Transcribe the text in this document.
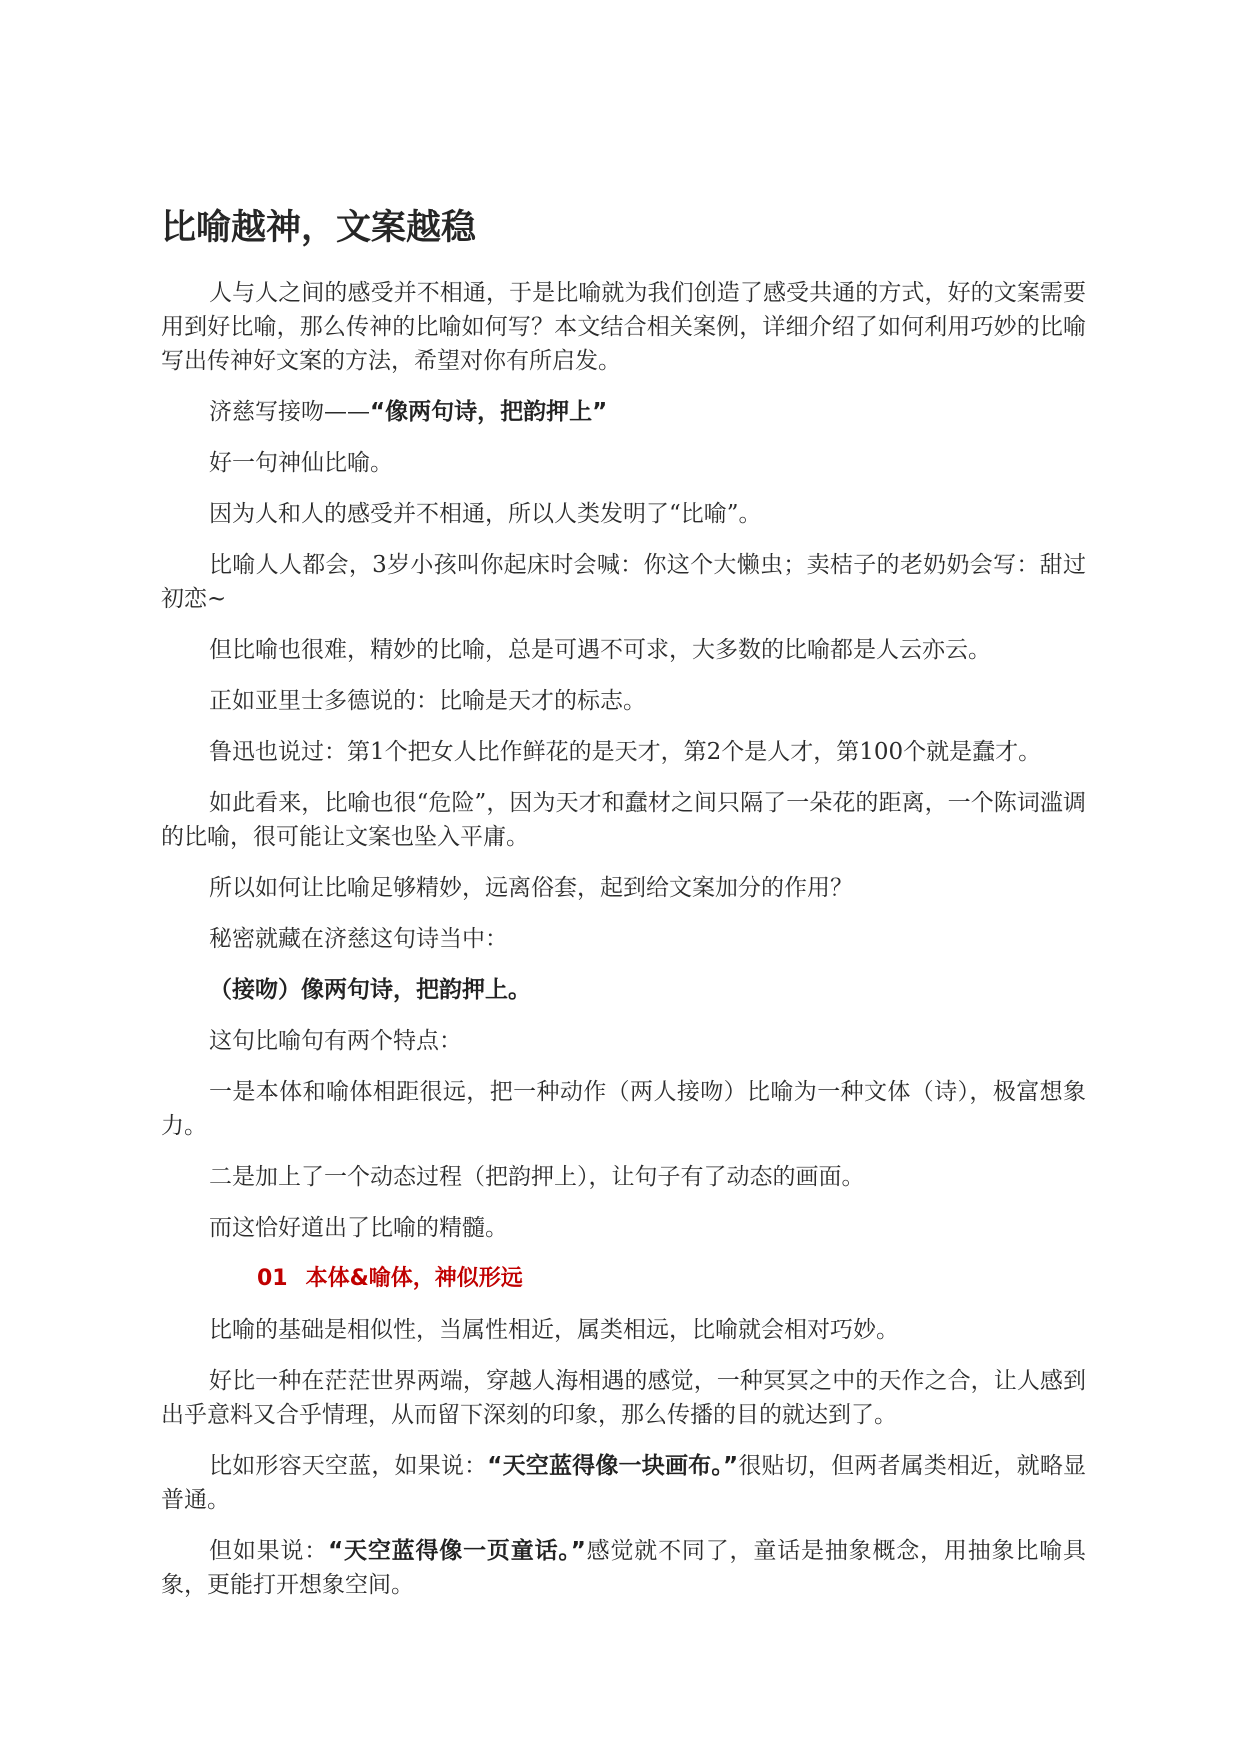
比喻越神，文案越稳

人与人之间的感受并不相通，于是比喻就为我们创造了感受共通的方式，好的文案需要用到好比喻，那么传神的比喻如何写？本文结合相关案例，详细介绍了如何利用巧妙的比喻写出传神好文案的方法，希望对你有所启发。

济慈写接吻——“像两句诗，把韵押上”

好一句神仙比喻。

因为人和人的感受并不相通，所以人类发明了“比喻”。

比喻人人都会，3岁小孩叫你起床时会喊：你这个大懒虫；卖桔子的老奶奶会写：甜过初恋~

但比喻也很难，精妙的比喻，总是可遇不可求，大多数的比喻都是人云亦云。

正如亚里士多德说的：比喻是天才的标志。

鲁迅也说过：第1个把女人比作鲜花的是天才，第2个是人才，第100个就是蠢才。

如此看来，比喻也很“危险”，因为天才和蠢材之间只隔了一朵花的距离，一个陈词滥调的比喻，很可能让文案也坠入平庸。

所以如何让比喻足够精妙，远离俗套，起到给文案加分的作用？

秘密就藏在济慈这句诗当中：

（接吻）像两句诗，把韵押上。

这句比喻句有两个特点：

一是本体和喻体相距很远，把一种动作（两人接吻）比喻为一种文体（诗），极富想象力。

二是加上了一个动态过程（把韵押上），让句子有了动态的画面。

而这恰好道出了比喻的精髓。

01 本体&喻体，神似形远

比喻的基础是相似性，当属性相近，属类相远，比喻就会相对巧妙。

好比一种在茫茫世界两端，穿越人海相遇的感觉，一种冥冥之中的天作之合，让人感到出乎意料又合乎情理，从而留下深刻的印象，那么传播的目的就达到了。

比如形容天空蓝，如果说：“天空蓝得像一块画布。”很贴切，但两者属类相近，就略显普通。

但如果说：“天空蓝得像一页童话。”感觉就不同了，童话是抽象概念，用抽象比喻具象，更能打开想象空间。
